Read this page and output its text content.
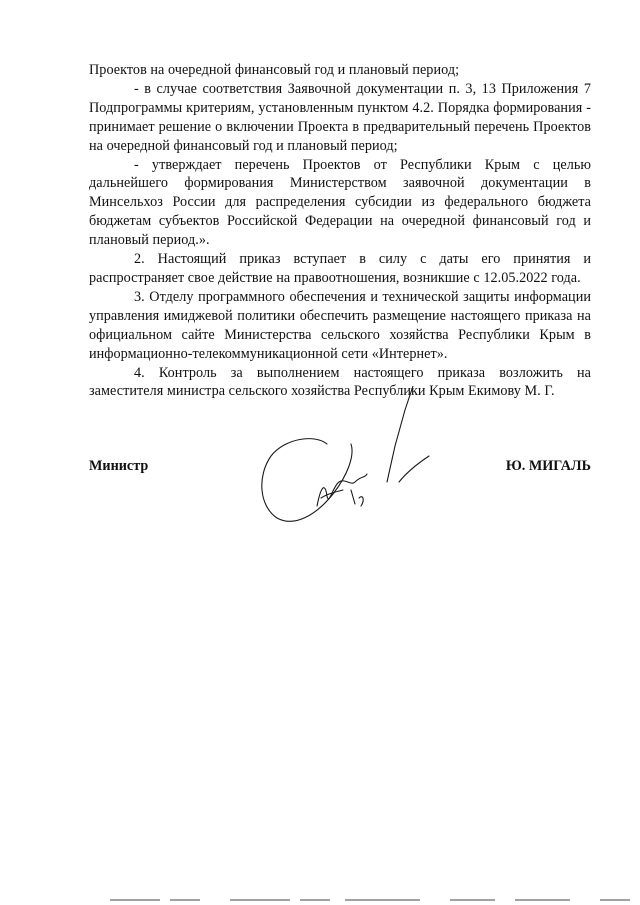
Проектов на очередной финансовый год и плановый период;

- в случае соответствия Заявочной документации п. 3, 13 Приложения 7 Подпрограммы критериям, установленным пунктом 4.2. Порядка формирования - принимает решение о включении Проекта в предварительный перечень Проектов на очередной финансовый год и плановый период;

- утверждает перечень Проектов от Республики Крым с целью дальнейшего формирования Министерством заявочной документации в Минсельхоз России для распределения субсидии из федерального бюджета бюджетам субъектов Российской Федерации на очередной финансовый год и плановый период.».

2. Настоящий приказ вступает в силу с даты его принятия и распространяет свое действие на правоотношения, возникшие с 12.05.2022 года.

3. Отделу программного обеспечения и технической защиты информации управления имиджевой политики обеспечить размещение настоящего приказа на официальном сайте Министерства сельского хозяйства Республики Крым в информационно-телекоммуникационной сети «Интернет».

4. Контроль за выполнением настоящего приказа возложить на заместителя министра сельского хозяйства Республики Крым Екимову М. Г.

Министр	Ю. МИГАЛЬ
